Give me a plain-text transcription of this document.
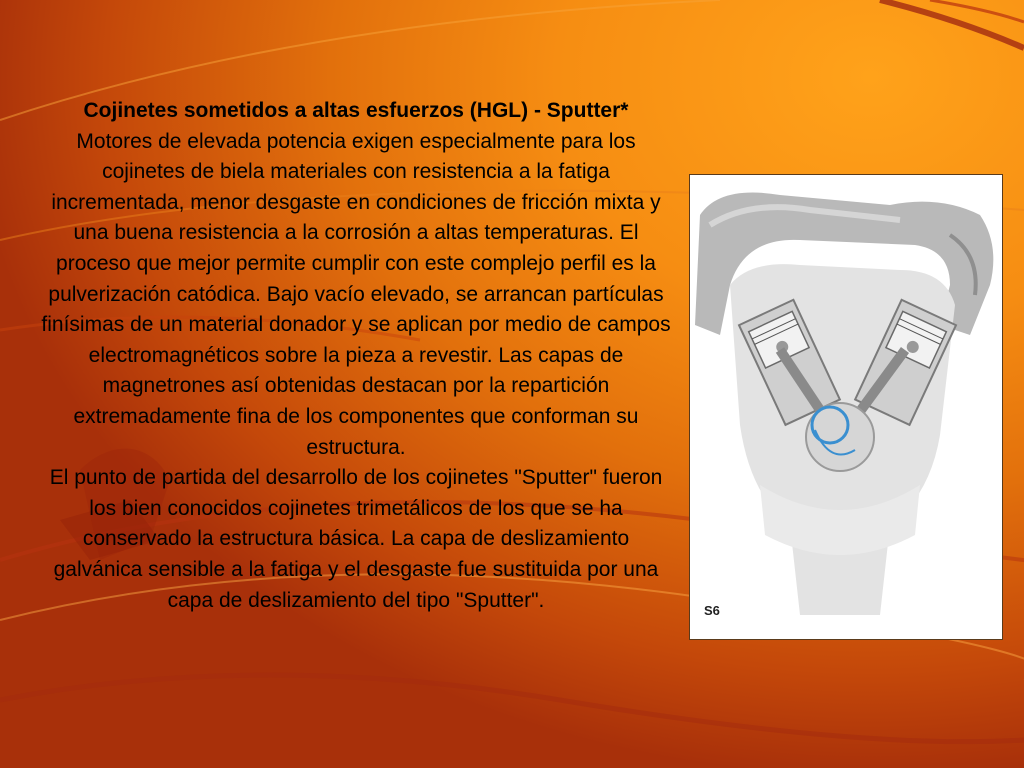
Cojinetes sometidos a altas esfuerzos (HGL) - Sputter*
Motores de elevada potencia exigen especialmente para los cojinetes de biela materiales con resistencia a la fatiga incrementada, menor desgaste en condiciones de fricción mixta y una buena resistencia a la corrosión a altas temperaturas. El proceso que mejor permite cumplir con este complejo perfil es la pulverización catódica. Bajo vacío elevado, se arrancan partículas finísimas de un material donador y se aplican por medio de campos electromagnéticos sobre la pieza a revestir. Las capas de magnetrones así obtenidas destacan por la repartición extremadamente fina de los componentes que conforman su estructura.
El punto de partida del desarrollo de los cojinetes "Sputter" fueron los bien conocidos cojinetes trimetálicos de los que se ha conservado la estructura básica. La capa de deslizamiento galvánica sensible a la fatiga y el desgaste fue sustituida por una capa de deslizamiento del tipo "Sputter".	S6
